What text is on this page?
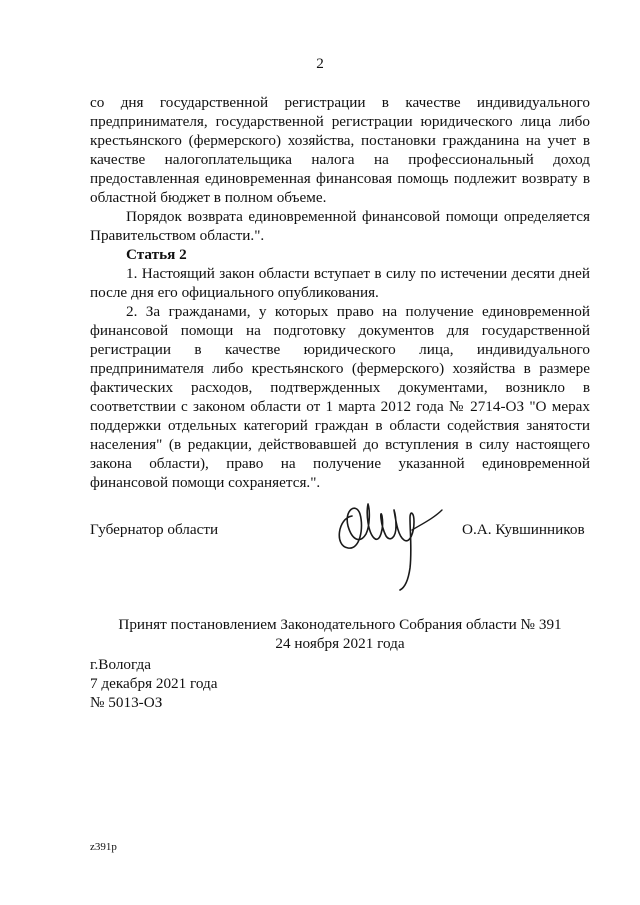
2

со дня государственной регистрации в качестве индивидуального предпринимателя, государственной регистрации юридического лица либо крестьянского (фермерского) хозяйства, постановки гражданина на учет в качестве налогоплательщика налога на профессиональный доход предоставленная единовременная финансовая помощь подлежит возврату в областной бюджет в полном объеме.

Порядок возврата единовременной финансовой помощи определяется Правительством области.".

Статья 2

1. Настоящий закон области вступает в силу по истечении десяти дней после дня его официального опубликования.

2. За гражданами, у которых право на получение единовременной финансовой помощи на подготовку документов для государственной регистрации в качестве юридического лица, индивидуального предпринимателя либо крестьянского (фермерского) хозяйства в размере фактических расходов, подтвержденных документами, возникло в соответствии с законом области от 1 марта 2012 года № 2714-ОЗ "О мерах поддержки отдельных категорий граждан в области содействия занятости населения" (в редакции, действовавшей до вступления в силу настоящего закона области), право на получение указанной единовременной финансовой помощи сохраняется.".

Губернатор области	О.А. Кувшинников
Принят постановлением Законодательного Собрания области № 391
24 ноября 2021 года
г.Вологда
7 декабря 2021 года
№ 5013-ОЗ
z391p
